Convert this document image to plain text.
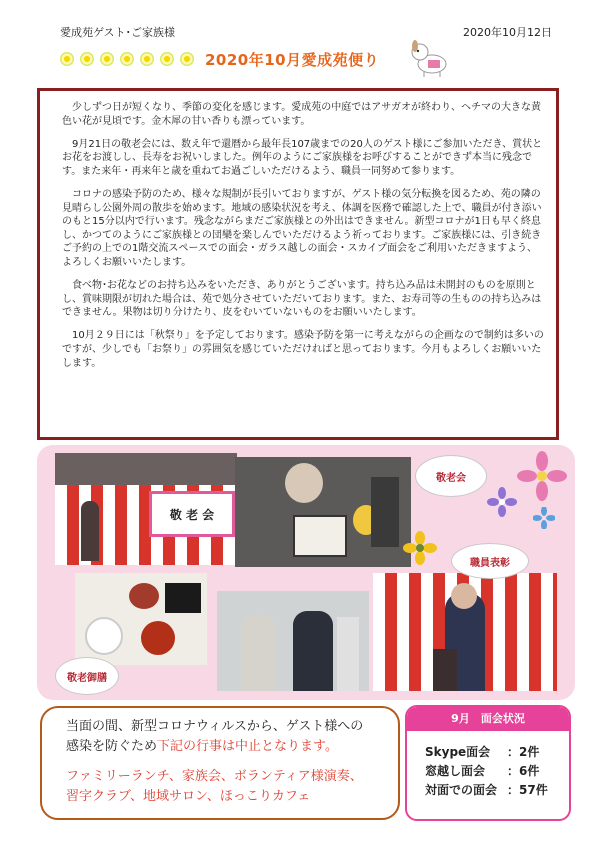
愛成苑ゲスト･ご家族様	2020年10月12日
2020年10月愛成苑便り

少しずつ日が短くなり、季節の変化を感じます。愛成苑の中庭ではアサガオが終わり、ヘチマの大きな黄色い花が見頃です。金木犀の甘い香りも漂っています。

9月21日の敬老会には、数え年で還暦から最年長107歳までの20人のゲスト様にご参加いただき、賞状とお花をお渡しし、長寿をお祝いしました。例年のようにご家族様をお呼びすることができず本当に残念です。また来年・再来年と歳を重ねてお過ごしいただけるよう、職員一同努めて参ります。

コロナの感染予防のため、様々な規制が長引いておりますが、ゲスト様の気分転換を図るため、苑の隣の見晴らし公園外周の散歩を始めます。地域の感染状況を考え、体調を医務で確認した上で、職員が付き添いのもと15分以内で行います。残念ながらまだご家族様との外出はできません。新型コロナが1日も早く終息し、かつてのようにご家族様との団欒を楽しんでいただけるよう祈っております。ご家族様には、引き続きご予約の上での1階交流スペースでの面会・ガラス越しの面会・スカイプ面会をご利用いただきますよう、よろしくお願いいたします。

食べ物･お花などのお持ち込みをいただき、ありがとうございます。持ち込み品は未開封のものを原則とし、賞味期限が切れた場合は、苑で処分させていただいております。また、お寿司等の生ものの持ち込みはできません。果物は切り分けたり、皮をむいていないものをお願いいたします。

10月２９日には「秋祭り」を予定しております。感染予防を第一に考えながらの企画なので制約は多いのですが、少しでも「お祭り」の雰囲気を感じていただければと思っております。今月もよろしくお願いいたします。

敬 老 会
敬老会
職員表彰
敬老御膳
当面の間、新型コロナウィルスから、ゲスト様への
感染を防ぐため下記の行事は中止となります。
ファミリーランチ、家族会、ボランティア様演奏、
習字クラブ、地域サロン、ほっこりカフェ
9月　面会状況
Skype面会	：2件
窓越し面会	：6件
対面での面会 ：57件
